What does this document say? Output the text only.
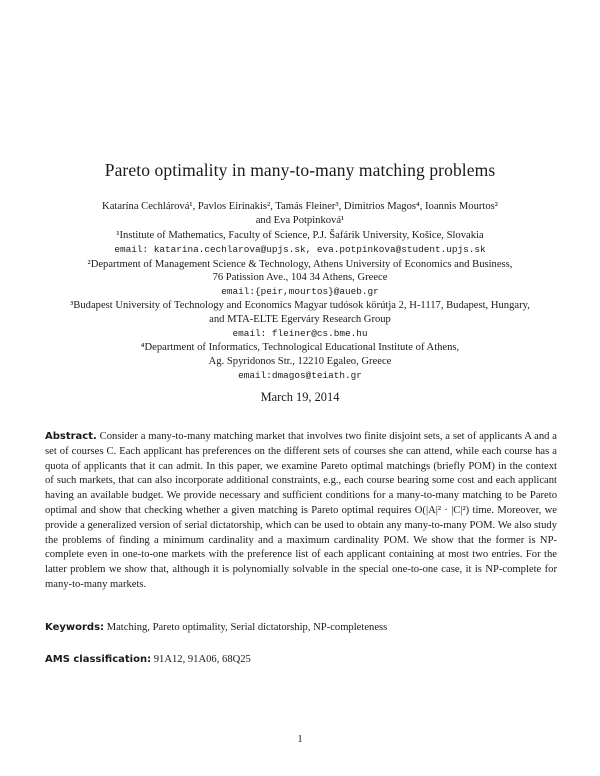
Pareto optimality in many-to-many matching problems
Katarína Cechlárová¹, Pavlos Eirinakis², Tamás Fleiner³, Dimitrios Magos⁴, Ioannis Mourtos²
and Eva Potpinková¹
¹Institute of Mathematics, Faculty of Science, P.J. Šafárik University, Košice, Slovakia
email: katarina.cechlarova@upjs.sk, eva.potpinkova@student.upjs.sk
²Department of Management Science & Technology, Athens University of Economics and Business,
76 Patission Ave., 104 34 Athens, Greece
email:{peir,mourtos}@aueb.gr
³Budapest University of Technology and Economics Magyar tudósok körútja 2, H-1117, Budapest, Hungary,
and MTA-ELTE Egerváry Research Group
email: fleiner@cs.bme.hu
⁴Department of Informatics, Technological Educational Institute of Athens,
Ag. Spyridonos Str., 12210 Egaleo, Greece
email:dmagos@teiath.gr
March 19, 2014
Abstract. Consider a many-to-many matching market that involves two finite disjoint sets, a set of applicants A and a set of courses C. Each applicant has preferences on the different sets of courses she can attend, while each course has a quota of applicants that it can admit. In this paper, we examine Pareto optimal matchings (briefly POM) in the context of such markets, that can also incorporate additional constraints, e.g., each course bearing some cost and each applicant having an available budget. We provide necessary and sufficient conditions for a many-to-many matching to be Pareto optimal and show that checking whether a given matching is Pareto optimal requires O(|A|² · |C|²) time. Moreover, we provide a generalized version of serial dictatorship, which can be used to obtain any many-to-many POM. We also study the problems of finding a minimum cardinality and a maximum cardinality POM. We show that the former is NP-complete even in one-to-one markets with the preference list of each applicant containing at most two entries. For the latter problem we show that, although it is polynomially solvable in the special one-to-one case, it is NP-complete for many-to-many markets.
Keywords: Matching, Pareto optimality, Serial dictatorship, NP-completeness
AMS classification: 91A12, 91A06, 68Q25
1
